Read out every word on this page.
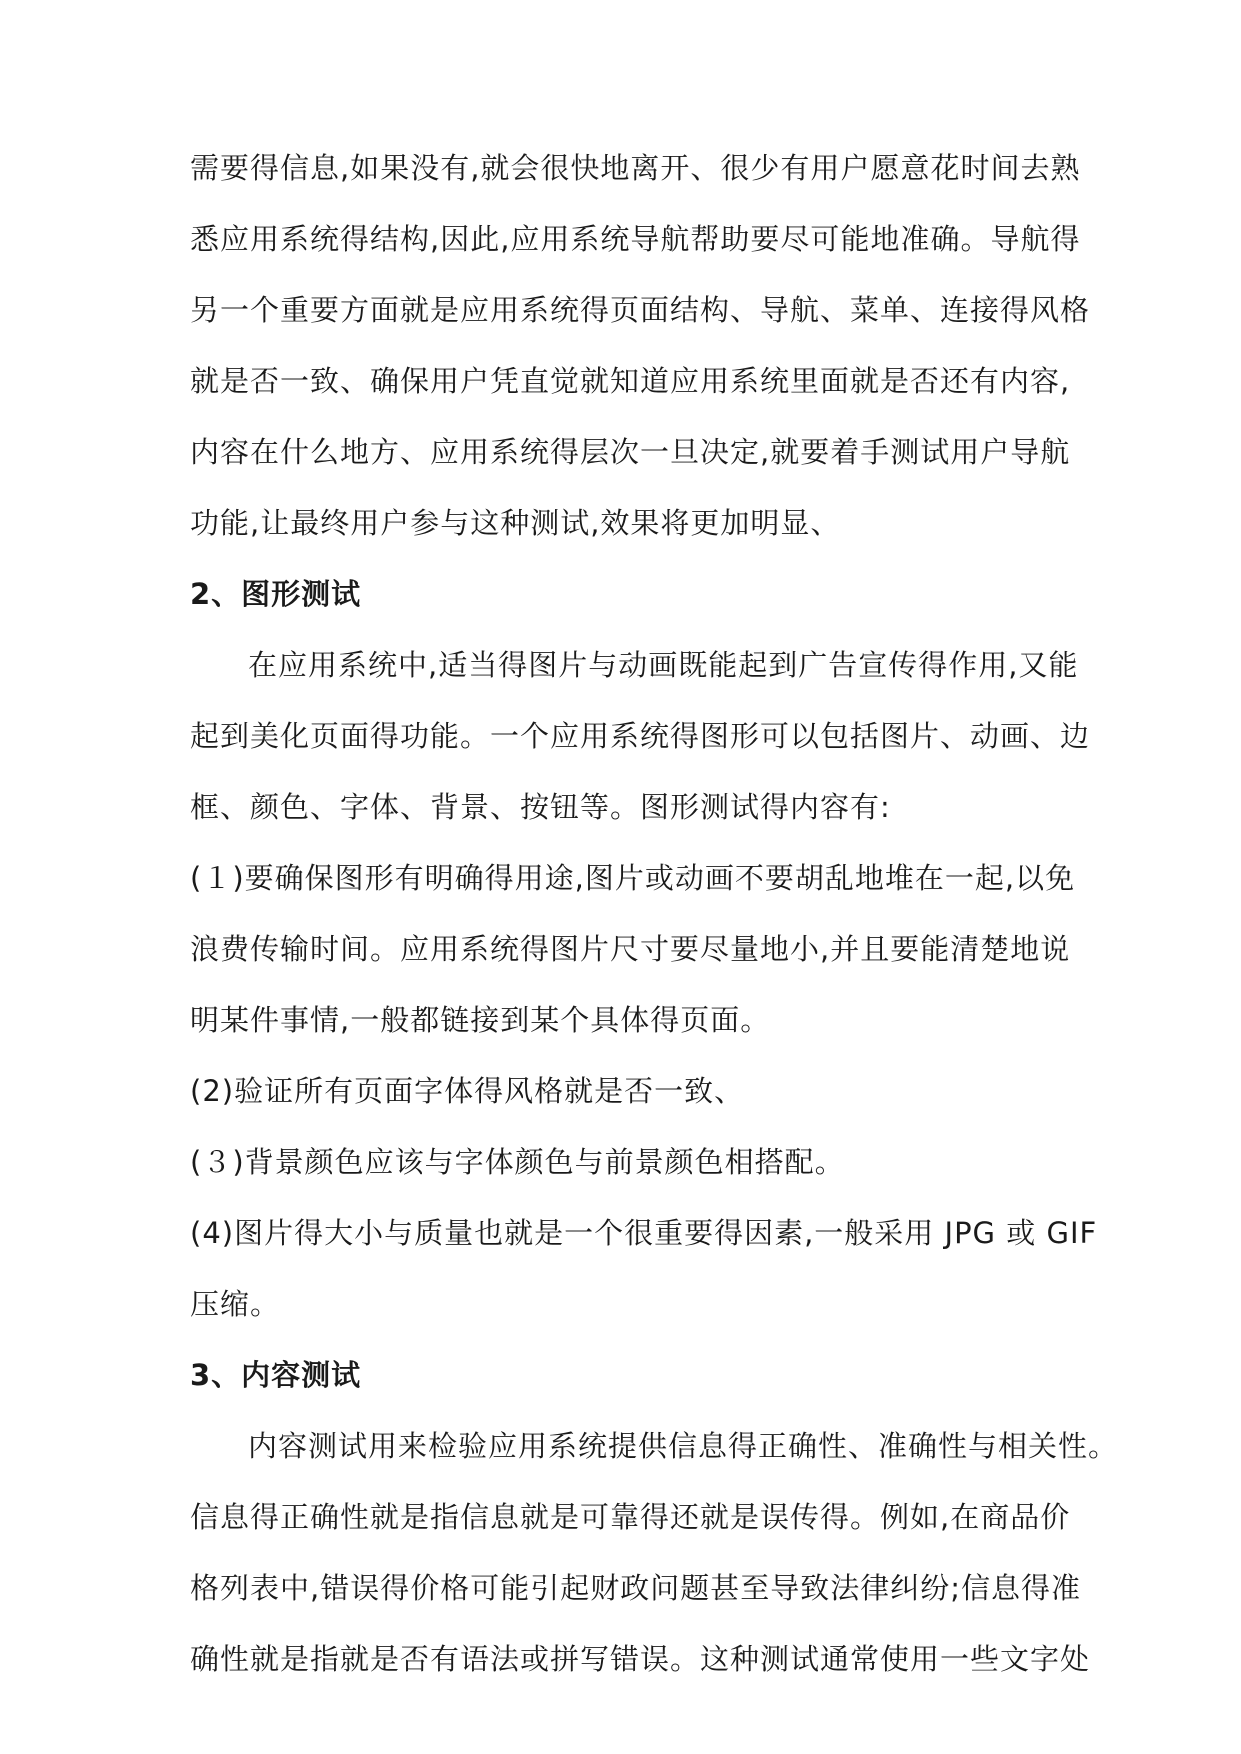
需要得信息,如果没有,就会很快地离开、很少有用户愿意花时间去熟
悉应用系统得结构,因此,应用系统导航帮助要尽可能地准确。导航得
另一个重要方面就是应用系统得页面结构、导航、菜单、连接得风格
就是否一致、确保用户凭直觉就知道应用系统里面就是否还有内容,
内容在什么地方、应用系统得层次一旦决定,就要着手测试用户导航
功能,让最终用户参与这种测试,效果将更加明显、
2、图形测试
在应用系统中,适当得图片与动画既能起到广告宣传得作用,又能
起到美化页面得功能。一个应用系统得图形可以包括图片、动画、边
框、颜色、字体、背景、按钮等。图形测试得内容有:
(１)要确保图形有明确得用途,图片或动画不要胡乱地堆在一起,以免
浪费传输时间。应用系统得图片尺寸要尽量地小,并且要能清楚地说
明某件事情,一般都链接到某个具体得页面。
(2)验证所有页面字体得风格就是否一致、
(３)背景颜色应该与字体颜色与前景颜色相搭配。
(4)图片得大小与质量也就是一个很重要得因素,一般采用 JPG 或 GIF
压缩。
3、内容测试
内容测试用来检验应用系统提供信息得正确性、准确性与相关性。
信息得正确性就是指信息就是可靠得还就是误传得。例如,在商品价
格列表中,错误得价格可能引起财政问题甚至导致法律纠纷;信息得准
确性就是指就是否有语法或拼写错误。这种测试通常使用一些文字处
